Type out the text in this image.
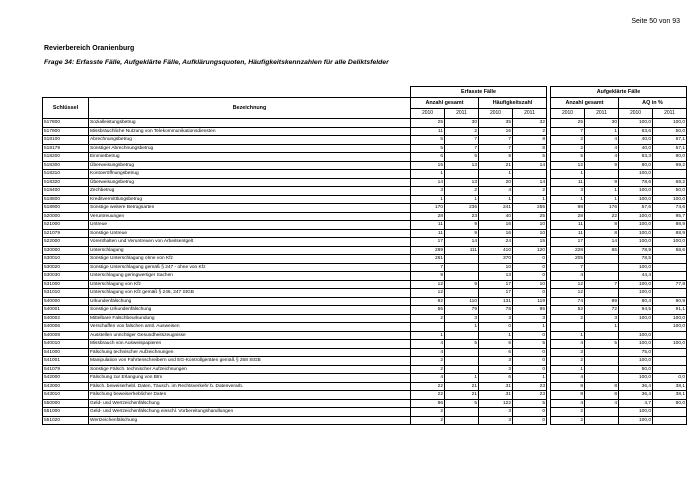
Seite 50 von 93
Revierbereich Oranienburg
Frage 34: Erfasste Fälle, Aufgeklärte Fälle, Aufklärungsquoten, Häufigkeitskennzahlen für alle Deliktsfelder
		Erfasste Fälle					Aufgeklärte Fälle			
Schlüssel	Bezeichnung	Anzahl gesamt		Häufigkeitszahl			Anzahl gesamt		AQ in %	
		2010	2011	2010	2011		2010	2011	2010	2011
517800	Sozialleistungsbetrug	25	30	35	32		25	30	100,0	100,0
517900	Missbräuchliche Nutzung von Telekommunikationsdiensten	11	2	16	2		7	1	63,6	50,0
518100	Abrechnungsbetrug	5	7	7	8		2	4	40,0	57,1
518179	Sonstiger Abrechnungsbetrug	5	7	7	8		2	4	40,0	57,1
518200	Einmietbetrug	6	5	9	5		5	4	83,3	80,0
518300	Überweisungsbetrug	15	13	21	14		12	9	80,0	69,2
518310	Kontoeröffnungsbetrug	1		1			1		100,0	
518320	Überweisungsbetrug	14	13	20	14		11	9	78,6	69,2
518400	Zechbetrug	3	2	4	2		3	1	100,0	50,0
518800	Kreditvermittlungsbetrug	1	1	1	1		1	1	100,0	100,0
518900	Sonstige weitere Betrugsarten	170	236	241	255		98	176	57,6	74,6
520000	Veruntreuungen	28	23	40	25		28	22	100,0	95,7
521000	Untreue	11	9	16	10		11	8	100,0	88,9
521079	Sonstige Untreue	11	9	16	10		11	8	100,0	88,9
522000	Vorenthalten und Veruntreuen von Arbeitsentgelt	17	14	24	15		17	14	100,0	100,0
530000	Unterschlagung	289	111	410	120		228	65	78,9	58,6
530010	Sonstige Unterschlagung ohne von Kfz	261		370	0		205		78,5	
530020	Sonstige Unterschlagung gemäß § 247 - ohne von Kfz	7		10	0		7		100,0	
530030	Unterschlagung geringwertiger Sachen	9		13	0		4		44,4	
531000	Unterschlagung von Kfz	12	9	17	10		12	7	100,0	77,8
531010	Unterschlagung von Kfz gemäß § 246, 247 StGB	12		17	0		12		100,0	
540000	Urkundenfälschung	92	110	131	119		74	89	80,4	80,9
540001	Sonstige Urkundenfälschung	55	79	78	85		52	72	94,5	91,1
540002	Mittelbare Falschbeurkundung	2	3	3	3		2	3	100,0	100,0
540006	Verschaffen von falschen amtl. Ausweisen		1	0	1			1		100,0
540008	Ausstellen unrichtiger Gesundheitszeugnisse	1		1	0		1		100,0	
540010	Missbrauch von Ausweispapieren	4	5	6	5		4	5	100,0	100,0
541000	Fälschung technischer Aufzeichnungen	4		6	0		3		75,0	
541001	Manipulation von Fahrtenschreibern und EG-Kontrollgeräten gemäß § 268 StGB	2		3	0		2		100,0	
541079	Sonstige Fälsch. technischer Aufzeichnungen	2		3	0		1		50,0	
542000	Fälschung zur Erlangung von Btm	4	1	6	1		4		100,0	0,0
543000	Fälsch. beweiserhebl. Daten, Täusch. im Rechtsverkehr b. Datenverarb.	22	21	31	23		8	8	36,4	38,1
543010	Fälschung beweiserheblicher Daten	22	21	31	23		8	8	36,4	38,1
550000	Geld- und Wertzeichenfälschung	86	5	122	5		4	4	4,7	80,0
551000	Geld- und Wertzeichenfälschung einschl. Vorbereitungshandlungen	2		3	0		2		100,0	
551020	Wertzeichenfälschung	2		3	0		2		100,0	
